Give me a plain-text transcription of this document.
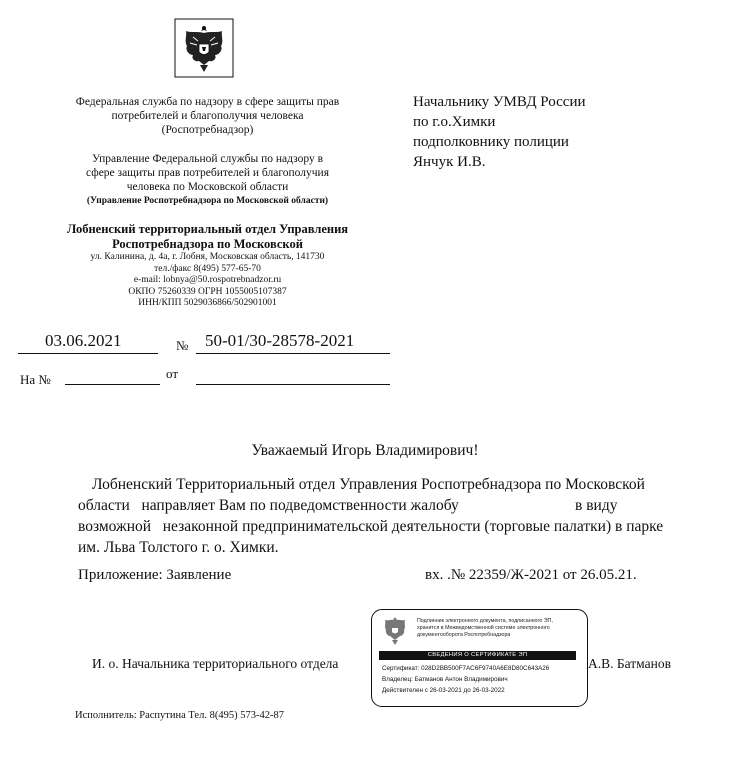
Федеральная служба по надзору в сфере защиты прав
потребителей и благополучия человека
(Роспотребнадзор)
Управление Федеральной службы по надзору в
сфере защиты прав потребителей и благополучия
человека по Московской области
(Управление Роспотребнадзора по Московской области)
Лобненский территориальный отдел Управления
Роспотребнадзора по Московской
ул. Калинина, д. 4а, г. Лобня, Московская область, 141730
тел./факс 8(495) 577-65-70
e-mail: lobnya@50.rospotrebnadzor.ru
ОКПО 75260339 ОГРН 1055005107387
ИНН/КПП 5029036866/502901001
Начальнику УМВД России
по г.о.Химки
подполковнику полиции
Янчук И.В.
03.06.2021	№ 50-01/30-28578-2021
На №	от
Уважаемый Игорь Владимирович!
Лобненский Территориальный отдел Управления Роспотребнадзора по Московской
области   направляет Вам по подведомственности жалобу                              в виду
возможной   незаконной предпринимательской деятельности (торговые палатки) в парке
им. Льва Толстого г. о. Химки.
Приложение: Заявление	вх. .№ 22359/Ж-2021 от 26.05.21.
И. о. Начальника территориального отдела	А.В. Батманов
Подлинник электронного документа, подписанного ЭП,
хранится в Межведомственной системе электронного
документооборота Роспотребнадзора
СВЕДЕНИЯ О СЕРТИФИКАТЕ ЭП
Сертификат: 028D2BB500F7AC6F9740A6E8D80C643A26
Владелец: Батманов Антон Владимирович
Действителен с 26-03-2021 до 26-03-2022
Исполнитель: Распутина Тел. 8(495) 573-42-87
